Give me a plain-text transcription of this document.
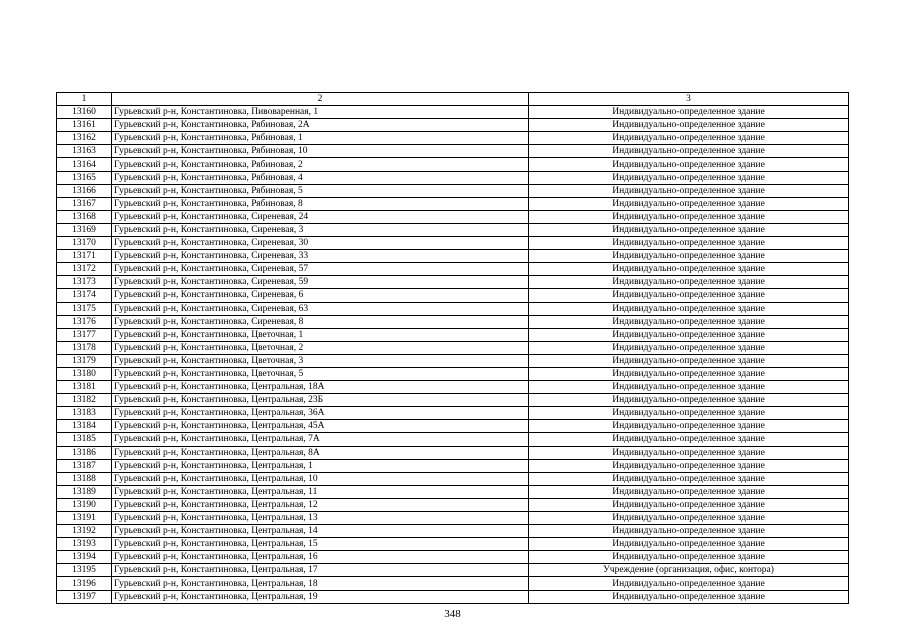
1	2	3
13160	Гурьевский р-н, Константиновка, Пивоваренная, 1	Индивидуально-определенное здание
13161	Гурьевский р-н, Константиновка, Рябиновая, 2А	Индивидуально-определенное здание
13162	Гурьевский р-н, Константиновка, Рябиновая, 1	Индивидуально-определенное здание
13163	Гурьевский р-н, Константиновка, Рябиновая, 10	Индивидуально-определенное здание
13164	Гурьевский р-н, Константиновка, Рябиновая, 2	Индивидуально-определенное здание
13165	Гурьевский р-н, Константиновка, Рябиновая, 4	Индивидуально-определенное здание
13166	Гурьевский р-н, Константиновка, Рябиновая, 5	Индивидуально-определенное здание
13167	Гурьевский р-н, Константиновка, Рябиновая, 8	Индивидуально-определенное здание
13168	Гурьевский р-н, Константиновка, Сиреневая, 24	Индивидуально-определенное здание
13169	Гурьевский р-н, Константиновка, Сиреневая, 3	Индивидуально-определенное здание
13170	Гурьевский р-н, Константиновка, Сиреневая, 30	Индивидуально-определенное здание
13171	Гурьевский р-н, Константиновка, Сиреневая, 33	Индивидуально-определенное здание
13172	Гурьевский р-н, Константиновка, Сиреневая, 57	Индивидуально-определенное здание
13173	Гурьевский р-н, Константиновка, Сиреневая, 59	Индивидуально-определенное здание
13174	Гурьевский р-н, Константиновка, Сиреневая, 6	Индивидуально-определенное здание
13175	Гурьевский р-н, Константиновка, Сиреневая, 63	Индивидуально-определенное здание
13176	Гурьевский р-н, Константиновка, Сиреневая, 8	Индивидуально-определенное здание
13177	Гурьевский р-н, Константиновка, Цветочная, 1	Индивидуально-определенное здание
13178	Гурьевский р-н, Константиновка, Цветочная, 2	Индивидуально-определенное здание
13179	Гурьевский р-н, Константиновка, Цветочная, 3	Индивидуально-определенное здание
13180	Гурьевский р-н, Константиновка, Цветочная, 5	Индивидуально-определенное здание
13181	Гурьевский р-н, Константиновка, Центральная, 18А	Индивидуально-определенное здание
13182	Гурьевский р-н, Константиновка, Центральная, 23Б	Индивидуально-определенное здание
13183	Гурьевский р-н, Константиновка, Центральная, 36А	Индивидуально-определенное здание
13184	Гурьевский р-н, Константиновка, Центральная, 45А	Индивидуально-определенное здание
13185	Гурьевский р-н, Константиновка, Центральная, 7А	Индивидуально-определенное здание
13186	Гурьевский р-н, Константиновка, Центральная, 8А	Индивидуально-определенное здание
13187	Гурьевский р-н, Константиновка, Центральная, 1	Индивидуально-определенное здание
13188	Гурьевский р-н, Константиновка, Центральная, 10	Индивидуально-определенное здание
13189	Гурьевский р-н, Константиновка, Центральная, 11	Индивидуально-определенное здание
13190	Гурьевский р-н, Константиновка, Центральная, 12	Индивидуально-определенное здание
13191	Гурьевский р-н, Константиновка, Центральная, 13	Индивидуально-определенное здание
13192	Гурьевский р-н, Константиновка, Центральная, 14	Индивидуально-определенное здание
13193	Гурьевский р-н, Константиновка, Центральная, 15	Индивидуально-определенное здание
13194	Гурьевский р-н, Константиновка, Центральная, 16	Индивидуально-определенное здание
13195	Гурьевский р-н, Константиновка, Центральная, 17	Учреждение (организация, офис, контора)
13196	Гурьевский р-н, Константиновка, Центральная, 18	Индивидуально-определенное здание
13197	Гурьевский р-н, Константиновка, Центральная, 19	Индивидуально-определенное здание
348
